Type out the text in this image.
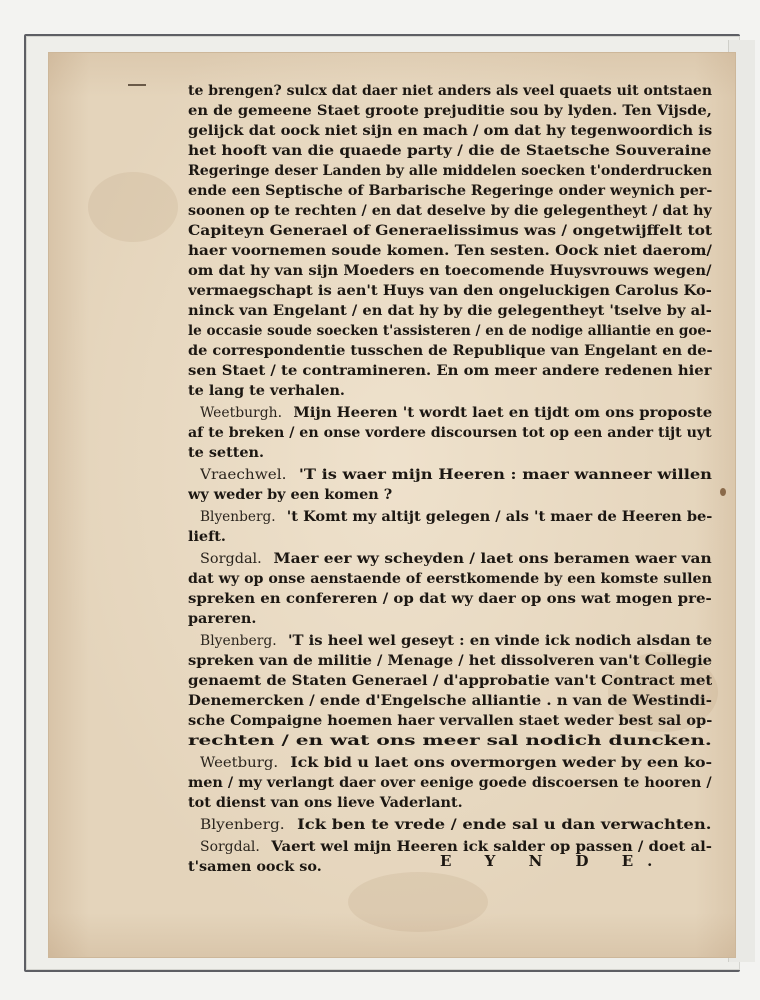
te brengen? sulcx dat daer niet anders als veel quaets uit ontstaen
en de gemeene Staet groote prejuditie sou by lyden. Ten Vijsde,
gelijck dat oock niet sijn en mach / om dat hy tegenwoordich is
het hooft van die quaede party / die de Staetsche Souveraine
Regeringe deser Landen by alle middelen soecken t'onderdrucken
ende een Septische of Barbarische Regeringe onder weynich per-
soonen op te rechten / en dat deselve by die gelegentheyt / dat hy
Capiteyn Generael of Generaelissimus was / ongetwijffelt tot
haer voornemen soude komen. Ten sesten. Oock niet daerom/
om dat hy van sijn Moeders en toecomende Huysvrouws wegen/
vermaegschapt is aen't Huys van den ongeluckigen Carolus Ko-
ninck van Engelant / en dat hy by die gelegentheyt 'tselve by al-
le occasie soude soecken t'assisteren / en de nodige alliantie en goe-
de correspondentie tusschen de Republique van Engelant en de-
sen Staet / te contramineren. En om meer andere redenen hier
te lang te verhalen.
Weetburgh. Mijn Heeren 't wordt laet en tijdt om ons proposte
af te breken / en onse vordere discoursen tot op een ander tijt uyt
te setten.
Vraechwel. 'T is waer mijn Heeren : maer wanneer willen
wy weder by een komen ?
Blyenberg. 't Komt my altijt gelegen / als 't maer de Heeren be-
lieft.
Sorgdal. Maer eer wy scheyden / laet ons beramen waer van
dat wy op onse aenstaende of eerstkomende by een komste sullen
spreken en confereren / op dat wy daer op ons wat mogen pre-
pareren.
Blyenberg. 'T is heel wel geseyt : en vinde ick nodich alsdan te
spreken van de militie / Menage / het dissolveren van't Collegie
genaemt de Staten Generael / d'approbatie van't Contract met
Denemercken / ende d'Engelsche alliantie . n van de Westindi-
sche Compaigne hoemen haer vervallen staet weder best sal op-
rechten / en wat ons meer sal nodich duncken.
Weetburg. Ick bid u laet ons overmorgen weder by een ko-
men / my verlangt daer over eenige goede discoersen te hooren /
tot dienst van ons lieve Vaderlant.
Blyenberg. Ick ben te vrede / ende sal u dan verwachten.
Sorgdal. Vaert wel mijn Heeren ick salder op passen / doet al-
t'samen oock so.	E Y N D E.
